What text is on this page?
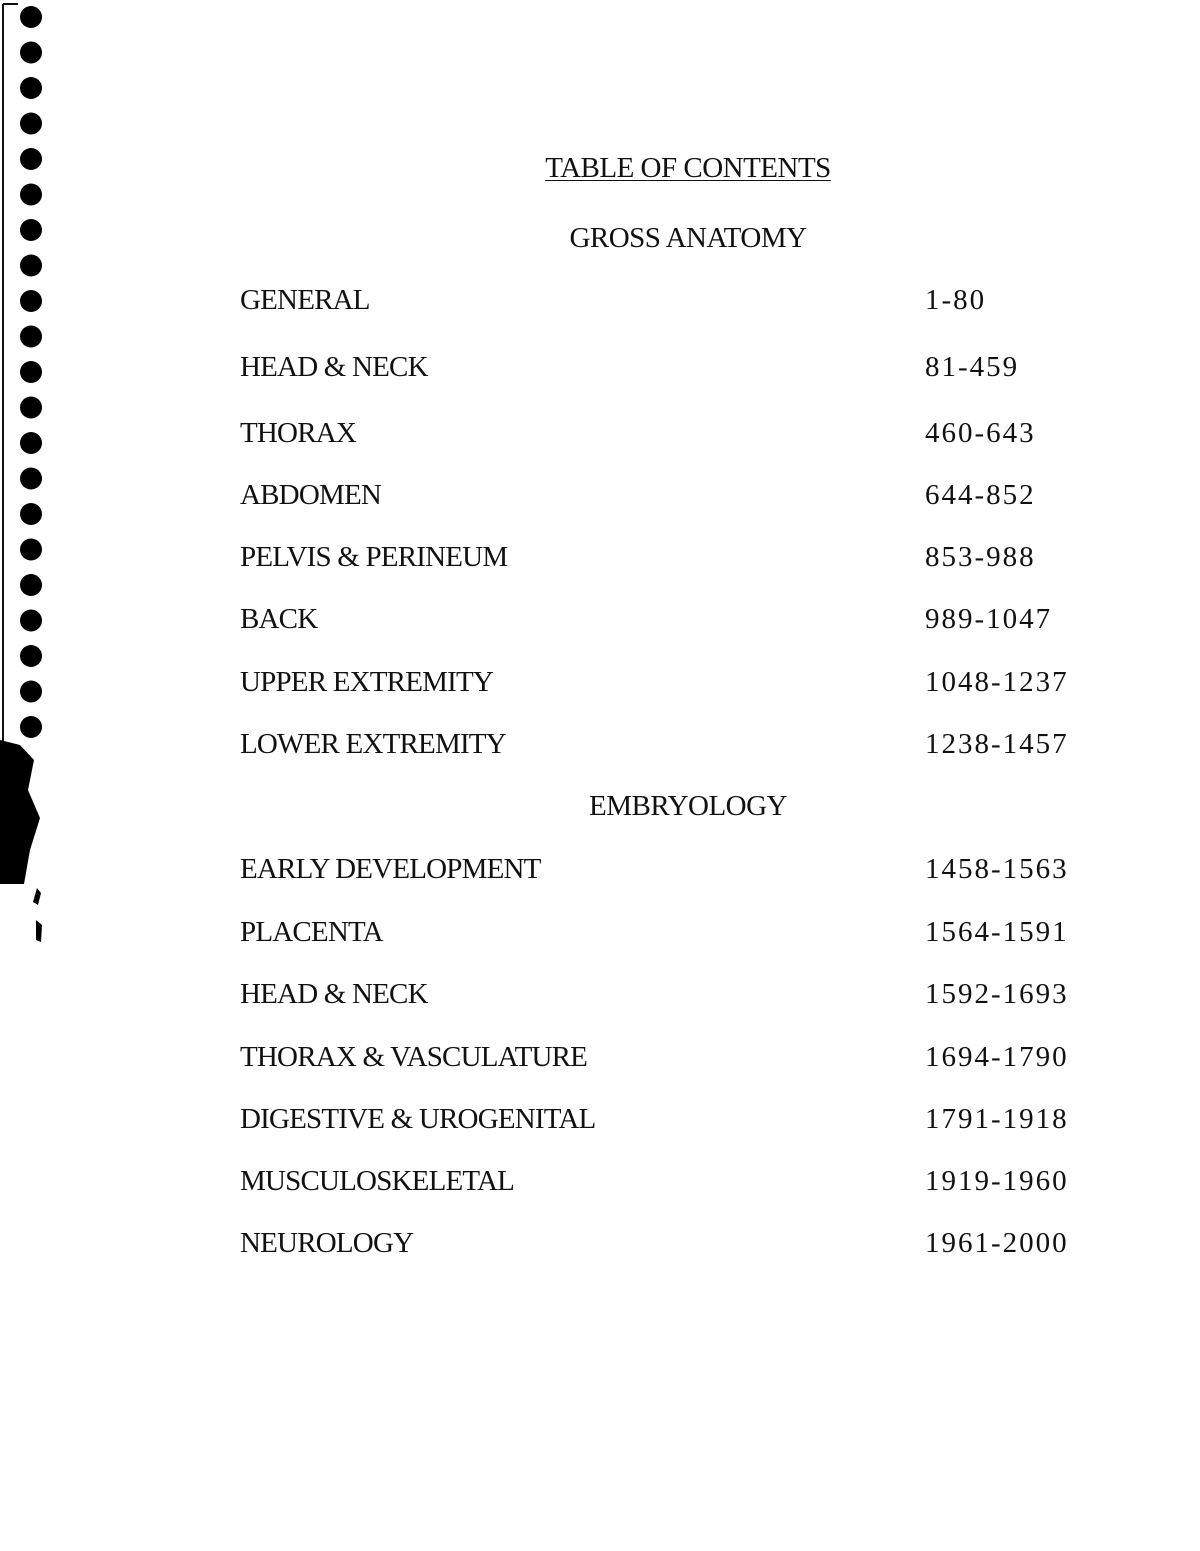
TABLE OF CONTENTS
GROSS ANATOMY
GENERAL	1-80
HEAD & NECK	81-459
THORAX	460-643
ABDOMEN	644-852
PELVIS & PERINEUM	853-988
BACK	989-1047
UPPER EXTREMITY	1048-1237
LOWER EXTREMITY	1238-1457
EMBRYOLOGY
EARLY DEVELOPMENT	1458-1563
PLACENTA	1564-1591
HEAD & NECK	1592-1693
THORAX & VASCULATURE	1694-1790
DIGESTIVE & UROGENITAL	1791-1918
MUSCULOSKELETAL	1919-1960
NEUROLOGY	1961-2000
